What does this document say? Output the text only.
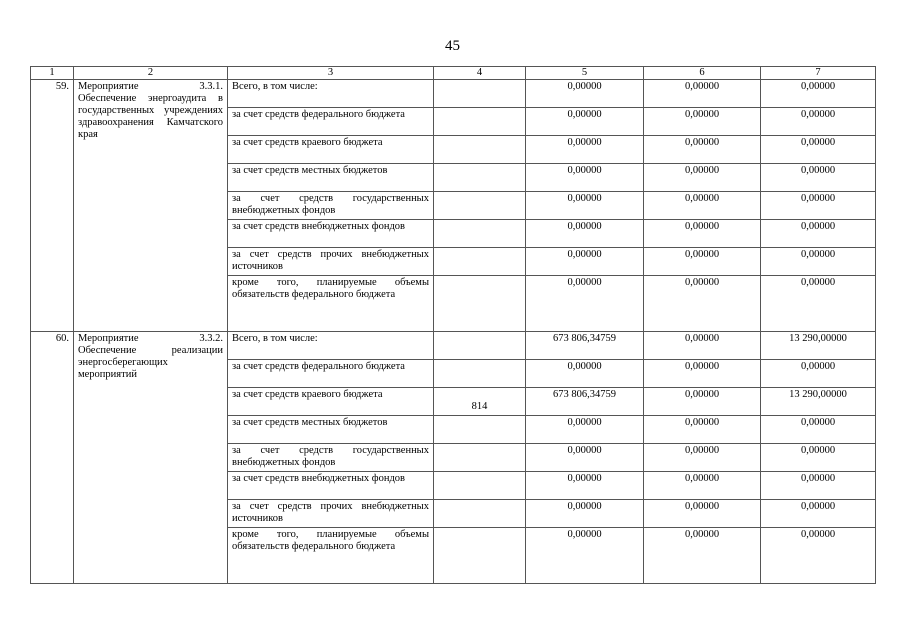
45
1	2	3	4	5	6	7
59.	Мероприятие 3.3.1. Обеспечение энергоаудита в государственных учреждениях здравоохранения Камчатского края	Всего, в том числе:		0,00000	0,00000	0,00000
		за счет средств федерального бюджета		0,00000	0,00000	0,00000
		за счет средств краевого бюджета		0,00000	0,00000	0,00000
		за счет средств местных бюджетов		0,00000	0,00000	0,00000
		за счет средств государственных внебюджетных фондов		0,00000	0,00000	0,00000
		за счет средств внебюджетных фондов		0,00000	0,00000	0,00000
		за счет средств прочих внебюджетных источников		0,00000	0,00000	0,00000
		кроме того, планируемые объемы обязательств федерального бюджета		0,00000	0,00000	0,00000
60.	Мероприятие 3.3.2. Обеспечение реализации энергосберегающих мероприятий	Всего, в том числе:		673 806,34759	0,00000	13 290,00000
		за счет средств федерального бюджета		0,00000	0,00000	0,00000
		за счет средств краевого бюджета	814	673 806,34759	0,00000	13 290,00000
		за счет средств местных бюджетов		0,00000	0,00000	0,00000
		за счет средств государственных внебюджетных фондов		0,00000	0,00000	0,00000
		за счет средств внебюджетных фондов		0,00000	0,00000	0,00000
		за счет средств прочих внебюджетных источников		0,00000	0,00000	0,00000
		кроме того, планируемые объемы обязательств федерального бюджета		0,00000	0,00000	0,00000
